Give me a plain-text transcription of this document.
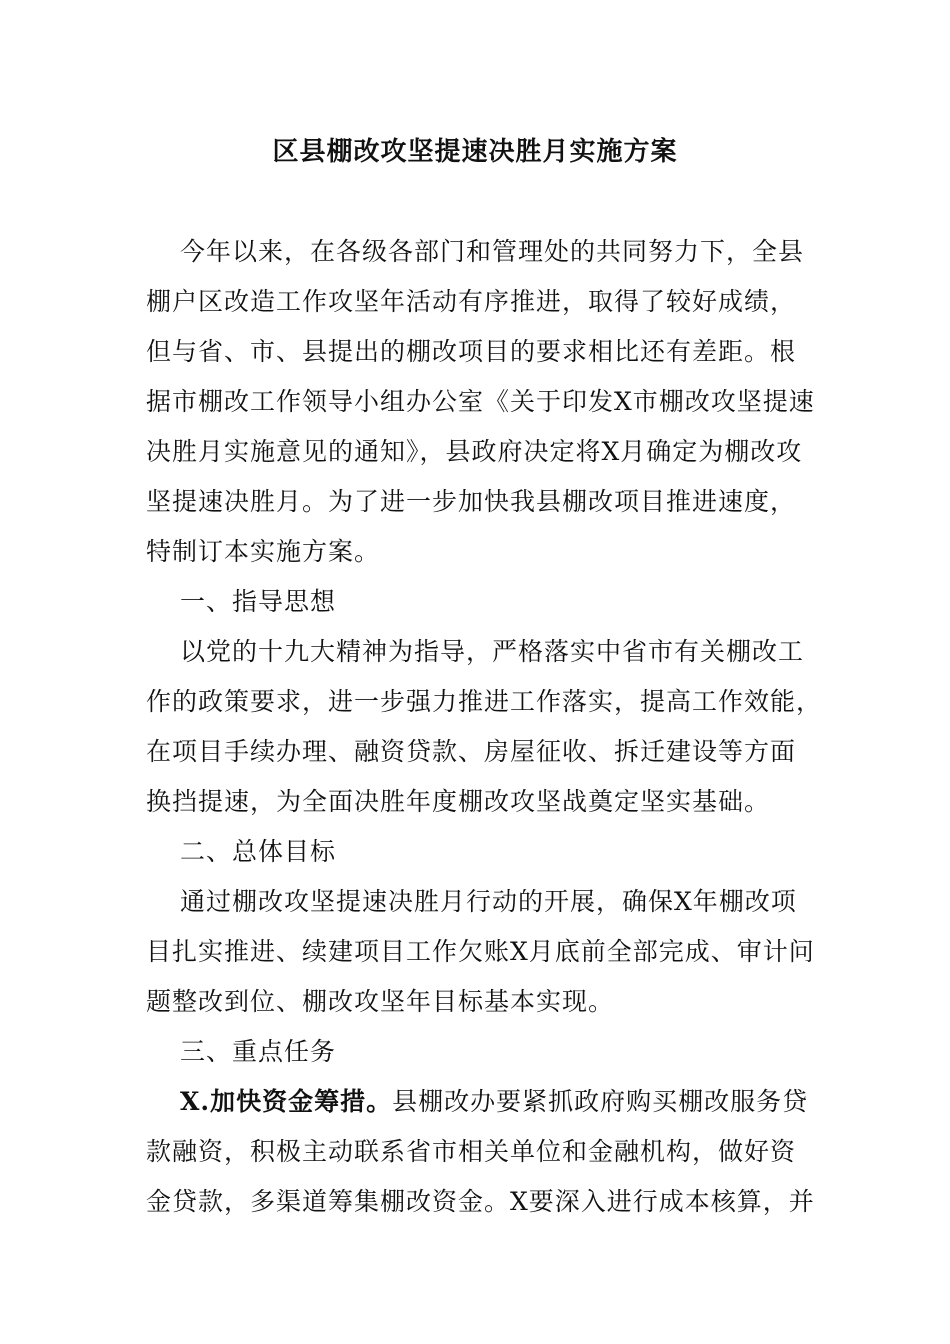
区县棚改攻坚提速决胜月实施方案
今年以来，在各级各部门和管理处的共同努力下，全县
棚户区改造工作攻坚年活动有序推进，取得了较好成绩，
但与省、市、县提出的棚改项目的要求相比还有差距。根
据市棚改工作领导小组办公室《关于印发X市棚改攻坚提速
决胜月实施意见的通知》，县政府决定将X月确定为棚改攻
坚提速决胜月。为了进一步加快我县棚改项目推进速度，
特制订本实施方案。
一、指导思想
以党的十九大精神为指导，严格落实中省市有关棚改工
作的政策要求，进一步强力推进工作落实，提高工作效能，
在项目手续办理、融资贷款、房屋征收、拆迁建设等方面
换挡提速，为全面决胜年度棚改攻坚战奠定坚实基础。
二、总体目标
通过棚改攻坚提速决胜月行动的开展，确保X年棚改项
目扎实推进、续建项目工作欠账X月底前全部完成、审计问
题整改到位、棚改攻坚年目标基本实现。
三、重点任务
X.加快资金筹措。县棚改办要紧抓政府购买棚改服务贷
款融资，积极主动联系省市相关单位和金融机构，做好资
金贷款，多渠道筹集棚改资金。X要深入进行成本核算，并
